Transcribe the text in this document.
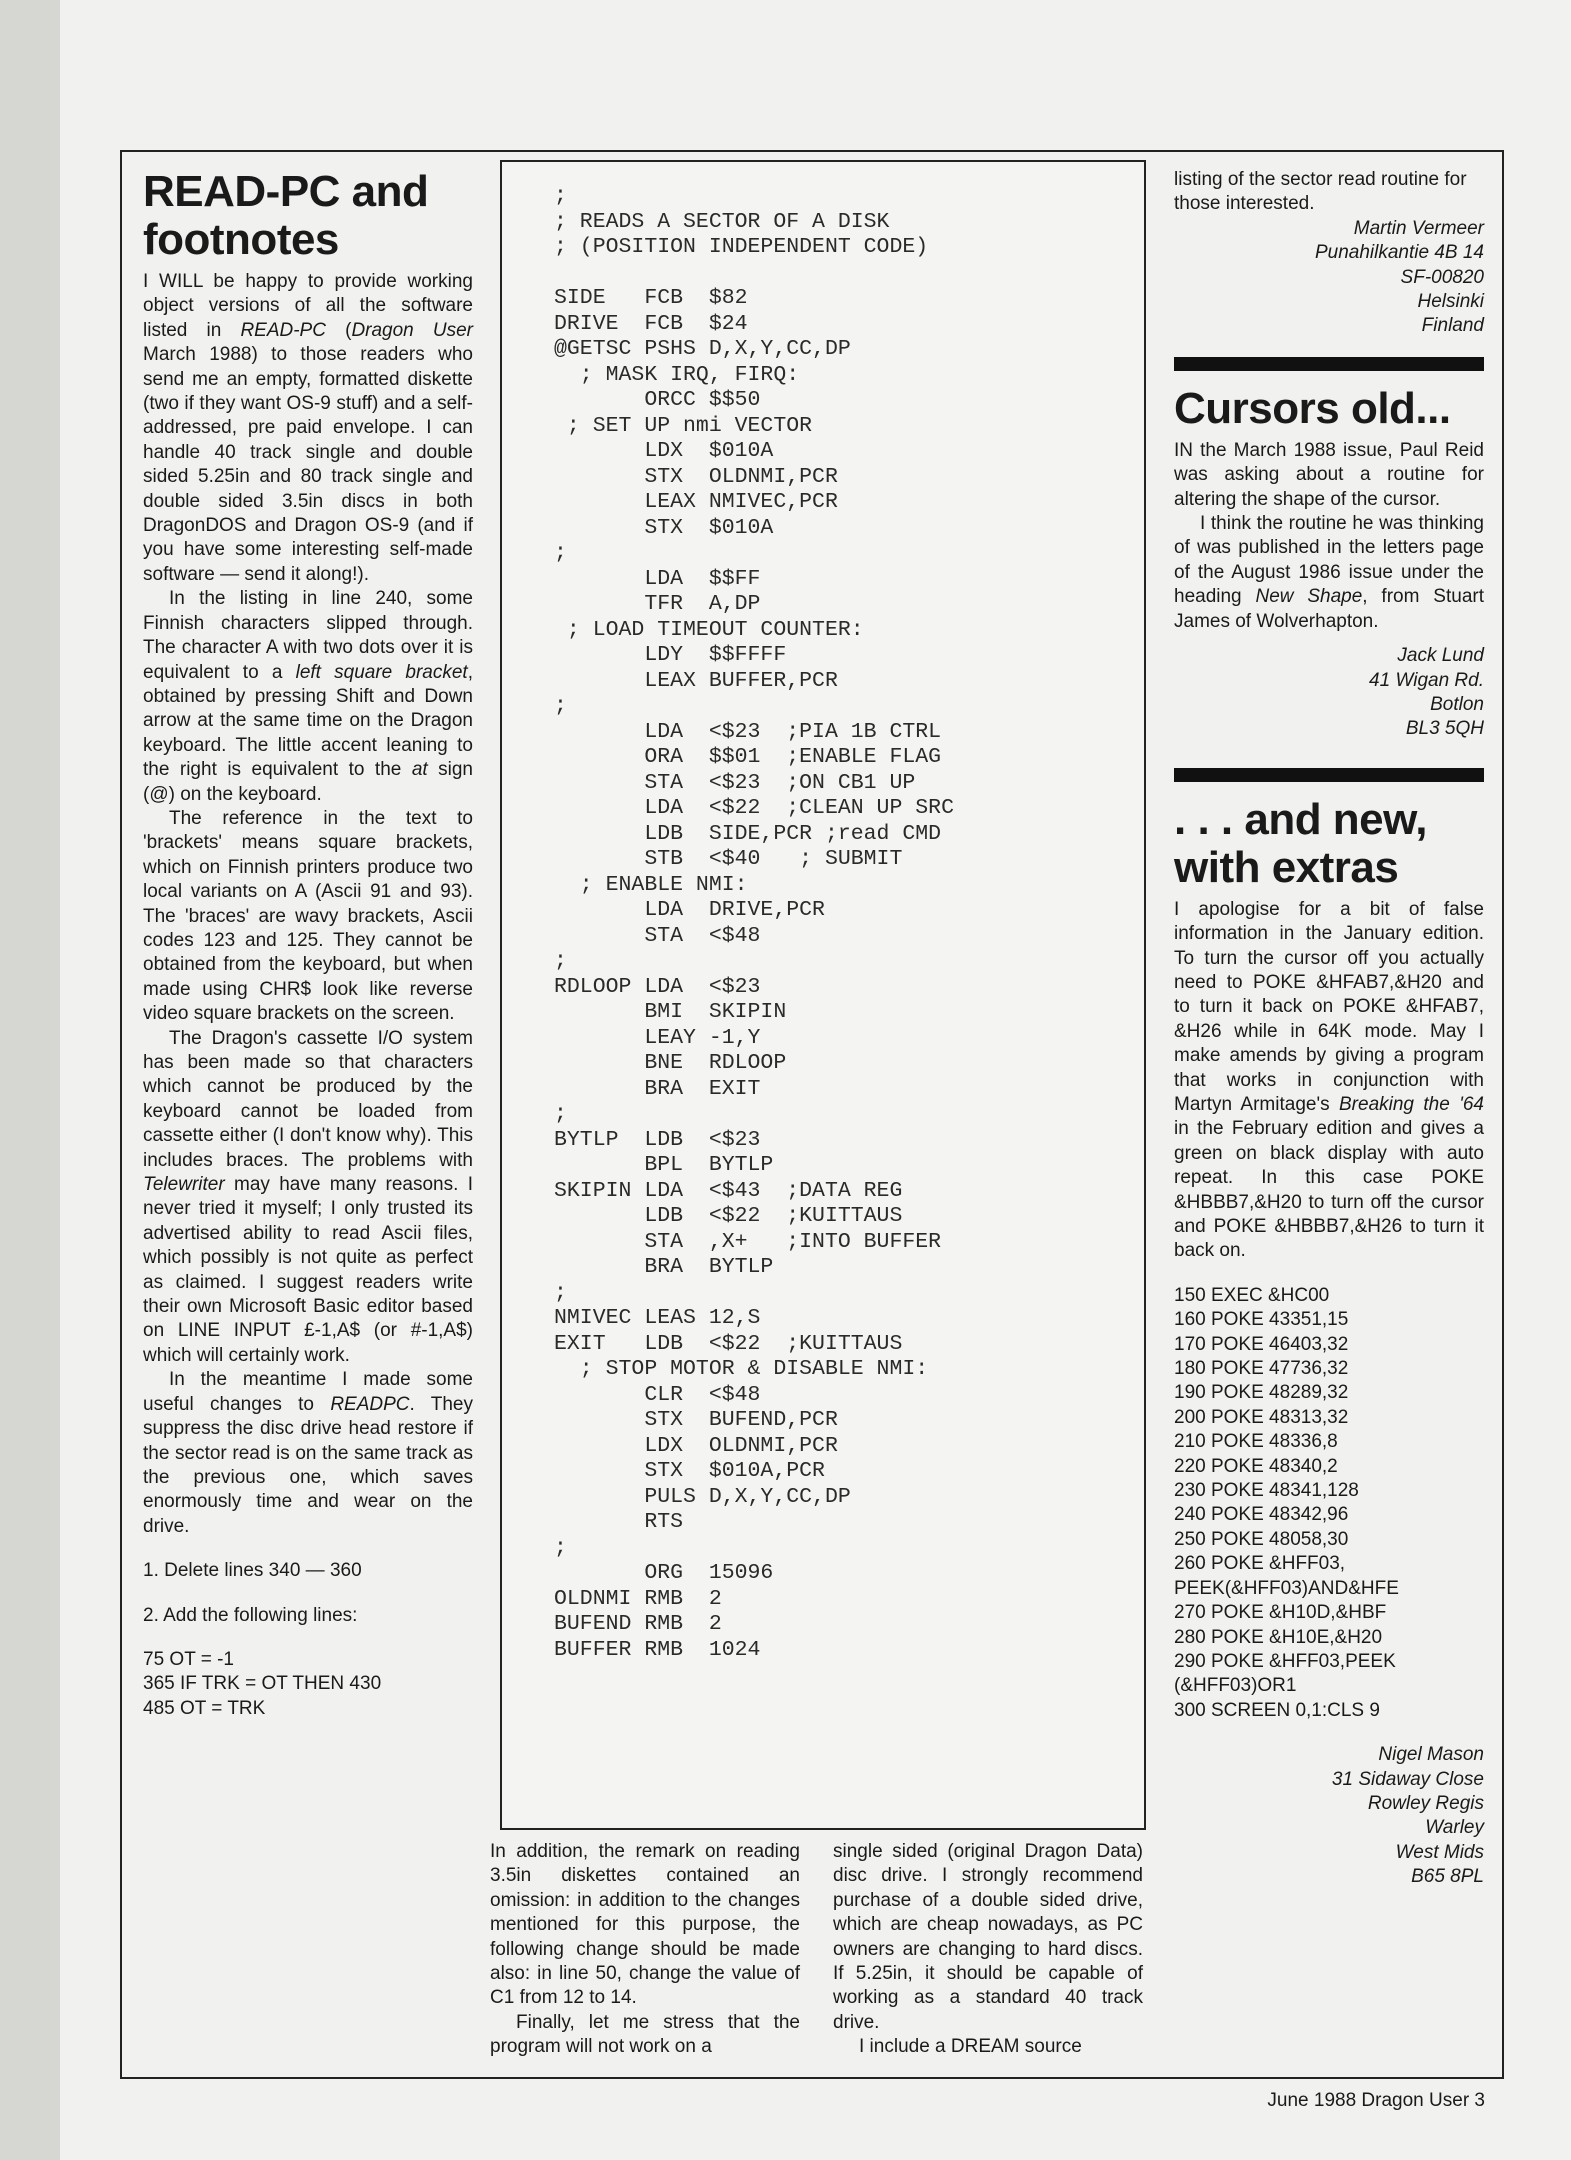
READ-PC and footnotes

I WILL be happy to provide working object versions of all the software listed in READ-PC (Dragon User March 1988) to those readers who send me an empty, formatted diskette (two if they want OS-9 stuff) and a self-addressed, pre paid envelope. I can handle 40 track single and double sided 5.25in and 80 track single and double sided 3.5in discs in both DragonDOS and Dragon OS-9 (and if you have some interesting self-made software — send it along!).

In the listing in line 240, some Finnish characters slipped through. The character A with two dots over it is equivalent to a left square bracket, obtained by pressing Shift and Down arrow at the same time on the Dragon keyboard. The little accent leaning to the right is equivalent to the at sign (@) on the keyboard.

The reference in the text to 'brackets' means square brackets, which on Finnish printers produce two local variants on A (Ascii 91 and 93). The 'braces' are wavy brackets, Ascii codes 123 and 125. They cannot be obtained from the keyboard, but when made using CHR$ look like reverse video square brackets on the screen.

The Dragon's cassette I/O system has been made so that characters which cannot be produced by the keyboard cannot be loaded from cassette either (I don't know why). This includes braces. The problems with Telewriter may have many reasons. I never tried it myself; I only trusted its advertised ability to read Ascii files, which possibly is not quite as perfect as claimed. I suggest readers write their own Microsoft Basic editor based on LINE INPUT £-1,A$ (or #-1,A$) which will certainly work.

In the meantime I made some useful changes to READPC. They suppress the disc drive head restore if the sector read is on the same track as the previous one, which saves enormously time and wear on the drive.

1. Delete lines 340 — 360

2. Add the following lines:

75 OT = -1
365 IF TRK = OT THEN 430
485 OT = TRK
;
; READS A SECTOR OF A DISK
; (POSITION INDEPENDENT CODE)

SIDE   FCB  $82
DRIVE  FCB  $24
@GETSC PSHS D,X,Y,CC,DP
; MASK IRQ, FIRQ:
ORCC $$50
; SET UP nmi VECTOR
LDX  $010A
STX  OLDNMI,PCR
LEAX NMIVEC,PCR
STX  $010A
;
LDA  $$FF
TFR  A,DP
; LOAD TIMEOUT COUNTER:
LDY  $$FFFF
LEAX BUFFER,PCR
;
LDA  <$23  ;PIA 1B CTRL
ORA  $$01  ;ENABLE FLAG
STA  <$23  ;ON CB1 UP
LDA  <$22  ;CLEAN UP SRC
LDB  SIDE,PCR ;read CMD
STB  <$40   ; SUBMIT
; ENABLE NMI:
LDA  DRIVE,PCR
STA  <$48
;
RDLOOP LDA  <$23
BMI  SKIPIN
LEAY -1,Y
BNE  RDLOOP
BRA  EXIT
;
BYTLP  LDB  <$23
BPL  BYTLP
SKIPIN LDA  <$43  ;DATA REG
LDB  <$22  ;KUITTAUS
STA  ,X+   ;INTO BUFFER
BRA  BYTLP
;
NMIVEC LEAS 12,S
EXIT   LDB  <$22  ;KUITTAUS
; STOP MOTOR & DISABLE NMI:
CLR  <$48
STX  BUFEND,PCR
LDX  OLDNMI,PCR
STX  $010A,PCR
PULS D,X,Y,CC,DP
RTS
;
ORG  15096
OLDNMI RMB  2
BUFEND RMB  2
BUFFER RMB  1024

In addition, the remark on reading 3.5in diskettes contained an omission: in addition to the changes mentioned for this purpose, the following change should be made also: in line 50, change the value of C1 from 12 to 14.

Finally, let me stress that the program will not work on a

single sided (original Dragon Data) disc drive. I strongly recommend purchase of a double sided drive, which are cheap nowadays, as PC owners are changing to hard discs. If 5.25in, it should be capable of working as a standard 40 track drive.

I include a DREAM source

listing of the sector read routine for those interested.

Martin Vermeer
Punahilkantie 4B 14
SF-00820
Helsinki
Finland
Cursors old...

IN the March 1988 issue, Paul Reid was asking about a routine for altering the shape of the cursor.

I think the routine he was thinking of was published in the letters page of the August 1986 issue under the heading New Shape, from Stuart James of Wolverhapton.

Jack Lund
41 Wigan Rd.
Botlon
BL3 5QH
. . . and new, with extras

I apologise for a bit of false information in the January edition. To turn the cursor off you actually need to POKE &HFAB7,&H20 and to turn it back on POKE &HFAB7, &H26 while in 64K mode. May I make amends by giving a program that works in conjunction with Martyn Armitage's Breaking the '64 in the February edition and gives a green on black display with auto repeat. In this case POKE &HBBB7,&H20 to turn off the cursor and POKE &HBBB7,&H26 to turn it back on.

150 EXEC &HC00
160 POKE 43351,15
170 POKE 46403,32
180 POKE 47736,32
190 POKE 48289,32
200 POKE 48313,32
210 POKE 48336,8
220 POKE 48340,2
230 POKE 48341,128
240 POKE 48342,96
250 POKE 48058,30
260 POKE &HFF03,
PEEK(&HFF03)AND&HFE
270 POKE &H10D,&HBF
280 POKE &H10E,&H20
290 POKE &HFF03,PEEK
(&HFF03)OR1
300 SCREEN 0,1:CLS 9
Nigel Mason
31 Sidaway Close
Rowley Regis
Warley
West Mids
B65 8PL
June 1988 Dragon User 3
